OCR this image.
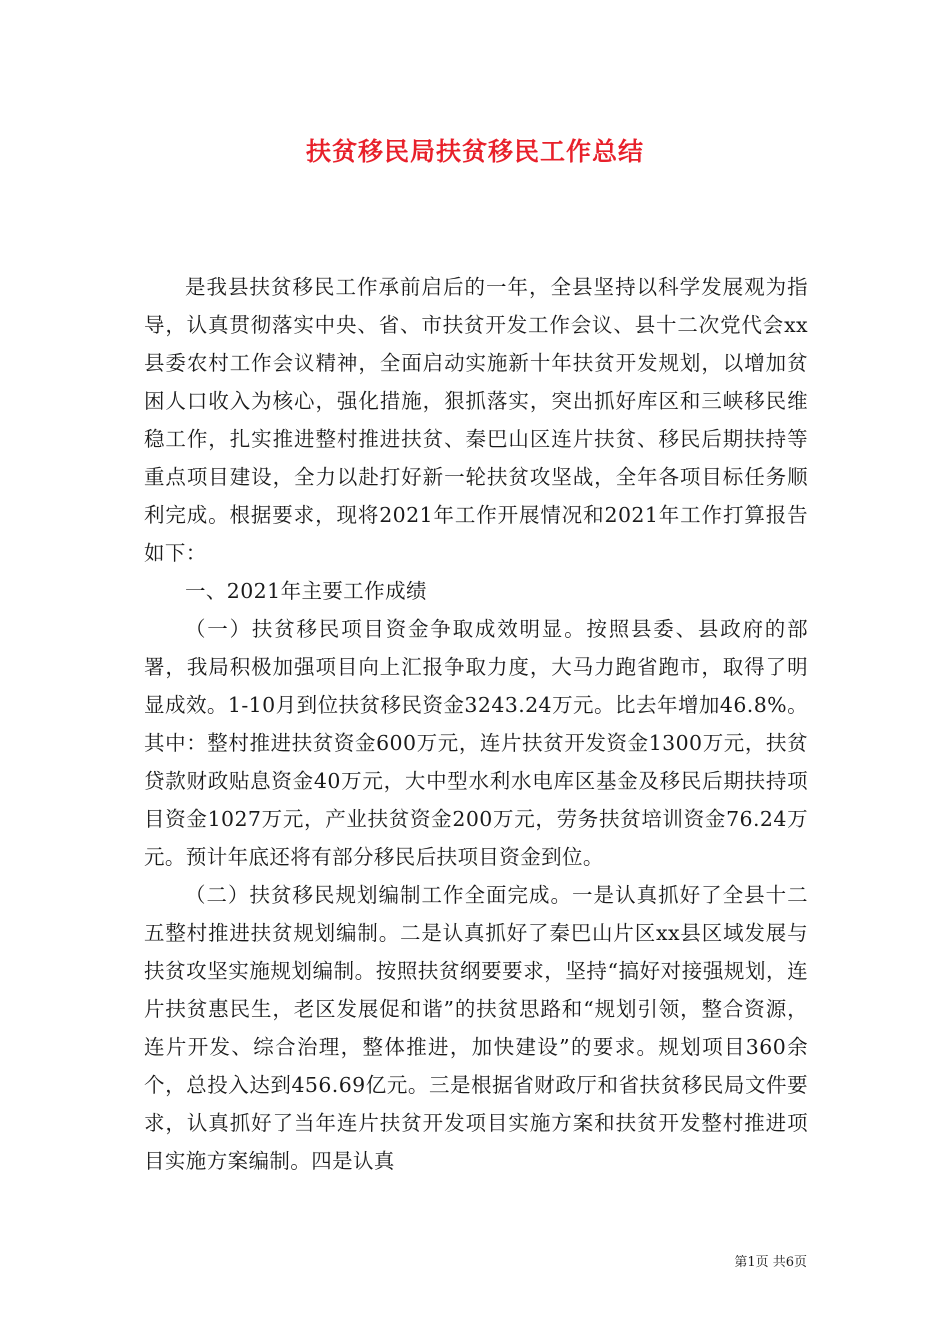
扶贫移民局扶贫移民工作总结

是我县扶贫移民工作承前启后的一年，全县坚持以科学发展观为指导，认真贯彻落实中央、省、市扶贫开发工作会议、县十二次党代会xx县委农村工作会议精神，全面启动实施新十年扶贫开发规划，以增加贫困人口收入为核心，强化措施，狠抓落实，突出抓好库区和三峡移民维稳工作，扎实推进整村推进扶贫、秦巴山区连片扶贫、移民后期扶持等重点项目建设，全力以赴打好新一轮扶贫攻坚战，全年各项目标任务顺利完成。根据要求，现将2021年工作开展情况和2021年工作打算报告如下：

一、2021年主要工作成绩

（一）扶贫移民项目资金争取成效明显。按照县委、县政府的部署，我局积极加强项目向上汇报争取力度，大马力跑省跑市，取得了明显成效。1-10月到位扶贫移民资金3243.24万元。比去年增加46.8%。其中：整村推进扶贫资金600万元，连片扶贫开发资金1300万元，扶贫贷款财政贴息资金40万元，大中型水利水电库区基金及移民后期扶持项目资金1027万元，产业扶贫资金200万元，劳务扶贫培训资金76.24万元。预计年底还将有部分移民后扶项目资金到位。

（二）扶贫移民规划编制工作全面完成。一是认真抓好了全县十二五整村推进扶贫规划编制。二是认真抓好了秦巴山片区xx县区域发展与扶贫攻坚实施规划编制。按照扶贫纲要要求，坚持“搞好对接强规划，连片扶贫惠民生，老区发展促和谐”的扶贫思路和“规划引领，整合资源，连片开发、综合治理，整体推进，加快建设”的要求。规划项目360余个，总投入达到456.69亿元。三是根据省财政厅和省扶贫移民局文件要求，认真抓好了当年连片扶贫开发项目实施方案和扶贫开发整村推进项目实施方案编制。四是认真

第1页 共6页
